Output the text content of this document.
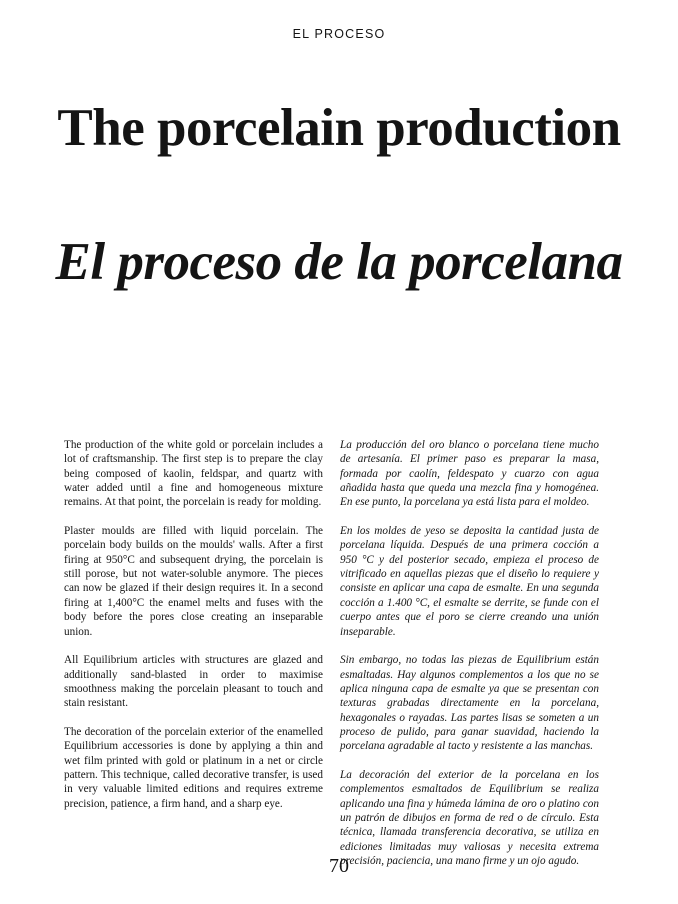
EL PROCESO
The porcelain production
El proceso de la porcelana

The production of the white gold or porcelain includes a lot of craftsmanship. The first step is to prepare the clay being composed of kaolin, feldspar, and quartz with water added until a fine and homogeneous mixture remains. At that point, the porcelain is ready for molding.

Plaster moulds are filled with liquid porcelain. The porcelain body builds on the moulds' walls. After a first firing at 950°C and subsequent drying, the porcelain is still porose, but not water-soluble anymore. The pieces can now be glazed if their design requires it. In a second firing at 1,400°C the enamel melts and fuses with the body before the pores close creating an inseparable union.

All Equilibrium articles with structures are glazed and additionally sand-blasted in order to maximise smoothness making the porcelain pleasant to touch and stain resistant.

The decoration of the porcelain exterior of the enamelled Equilibrium accessories is done by applying a thin and wet film printed with gold or platinum in a net or circle pattern. This technique, called decorative transfer, is used in very valuable limited editions and requires extreme precision, patience, a firm hand, and a sharp eye.

La producción del oro blanco o porcelana tiene mucho de artesanía. El primer paso es preparar la masa, formada por caolín, feldespato y cuarzo con agua añadida hasta que queda una mezcla fina y homogénea. En ese punto, la porcelana ya está lista para el moldeo.

En los moldes de yeso se deposita la cantidad justa de porcelana líquida. Después de una primera cocción a 950 °C y del posterior secado, empieza el proceso de vitrificado en aquellas piezas que el diseño lo requiere y consiste en aplicar una capa de esmalte. En una segunda cocción a 1.400 °C, el esmalte se derrite, se funde con el cuerpo antes que el poro se cierre creando una unión inseparable.

Sin embargo, no todas las piezas de Equilibrium están esmaltadas. Hay algunos complementos a los que no se aplica ninguna capa de esmalte ya que se presentan con texturas grabadas directamente en la porcelana, hexagonales o rayadas. Las partes lisas se someten a un proceso de pulido, para ganar suavidad, haciendo la porcelana agradable al tacto y resistente a las manchas.

La decoración del exterior de la porcelana en los complementos esmaltados de Equilibrium se realiza aplicando una fina y húmeda lámina de oro o platino con un patrón de dibujos en forma de red o de círculo. Esta técnica, llamada transferencia decorativa, se utiliza en ediciones limitadas muy valiosas y necesita extrema precisión, paciencia, una mano firme y un ojo agudo.

70
